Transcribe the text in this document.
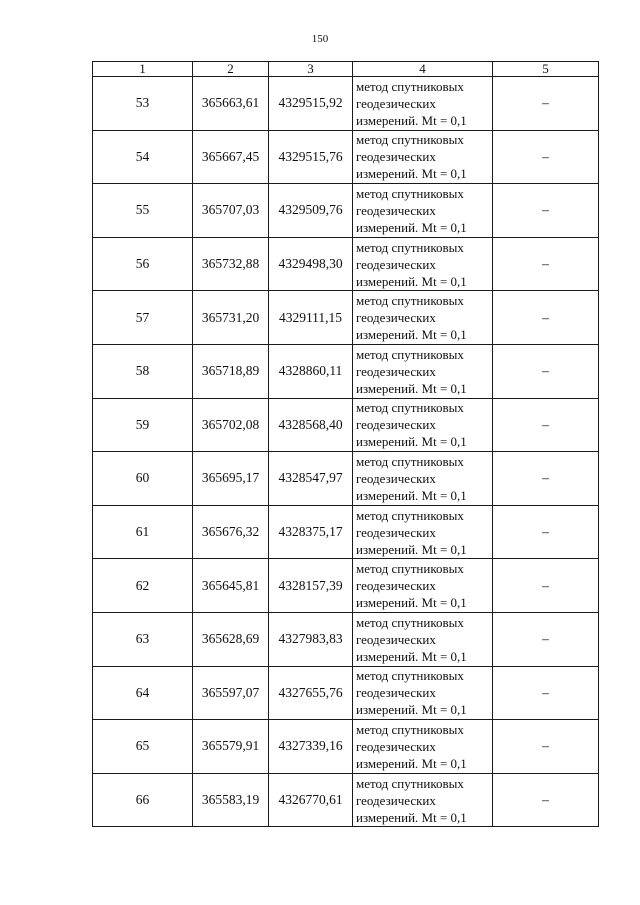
150
1	2	3	4	5
53	365663,61	4329515,92	метод спутниковых
геодезических
измерений. Mt = 0,1	–
54	365667,45	4329515,76	метод спутниковых
геодезических
измерений. Mt = 0,1	–
55	365707,03	4329509,76	метод спутниковых
геодезических
измерений. Mt = 0,1	–
56	365732,88	4329498,30	метод спутниковых
геодезических
измерений. Mt = 0,1	–
57	365731,20	4329111,15	метод спутниковых
геодезических
измерений. Mt = 0,1	–
58	365718,89	4328860,11	метод спутниковых
геодезических
измерений. Mt = 0,1	–
59	365702,08	4328568,40	метод спутниковых
геодезических
измерений. Mt = 0,1	–
60	365695,17	4328547,97	метод спутниковых
геодезических
измерений. Mt = 0,1	–
61	365676,32	4328375,17	метод спутниковых
геодезических
измерений. Mt = 0,1	–
62	365645,81	4328157,39	метод спутниковых
геодезических
измерений. Mt = 0,1	–
63	365628,69	4327983,83	метод спутниковых
геодезических
измерений. Mt = 0,1	–
64	365597,07	4327655,76	метод спутниковых
геодезических
измерений. Mt = 0,1	–
65	365579,91	4327339,16	метод спутниковых
геодезических
измерений. Mt = 0,1	–
66	365583,19	4326770,61	метод спутниковых
геодезических
измерений. Mt = 0,1	–
